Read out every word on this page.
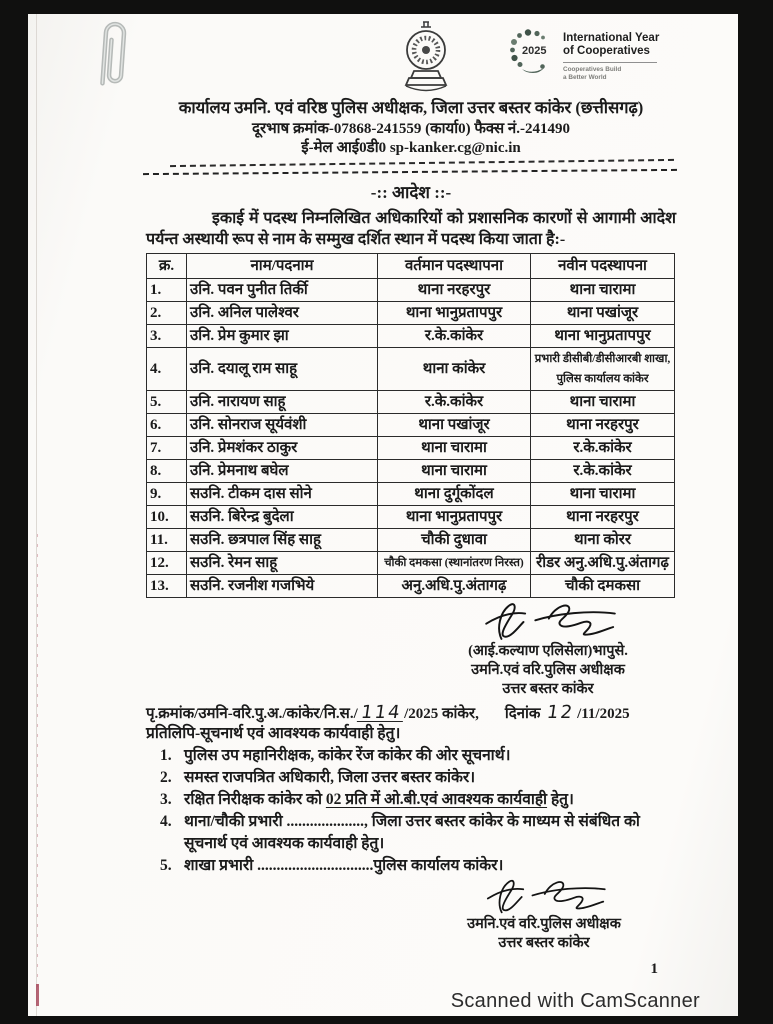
2025
International Year
of Cooperatives
Cooperatives Build
a Better World
कार्यालय उमनि. एवं वरिष्ठ पुलिस अधीक्षक, जिला उत्तर बस्तर कांकेर (छत्तीसगढ़)
दूरभाष क्रमांक-07868-241559 (कार्या0) फैक्स नं.-241490
ई-मेल आई0डी0 sp-kanker.cg@nic.in
-:: आदेश ::-
इकाई में पदस्थ निम्नलिखित अधिकारियों को प्रशासनिक कारणों से आगामी आदेश पर्यन्त अस्थायी रूप से नाम के सम्मुख दर्शित स्थान में पदस्थ किया जाता है:-
क्र.	नाम/पदनाम	वर्तमान पदस्थापना	नवीन पदस्थापना
1.	उनि. पवन पुनीत तिर्की	थाना नरहरपुर	थाना चारामा
2.	उनि. अनिल पालेश्वर	थाना भानुप्रतापपुर	थाना पखांजूर
3.	उनि. प्रेम कुमार झा	र.के.कांकेर	थाना भानुप्रतापपुर
4.	उनि. दयालू राम साहू	थाना कांकेर	प्रभारी डीसीबी/डीसीआरबी शाखा, पुलिस कार्यालय कांकेर
5.	उनि. नारायण साहू	र.के.कांकेर	थाना चारामा
6.	उनि. सोनराज सूर्यवंशी	थाना पखांजूर	थाना नरहरपुर
7.	उनि. प्रेमशंकर ठाकुर	थाना चारामा	र.के.कांकेर
8.	उनि. प्रेमनाथ बघेल	थाना चारामा	र.के.कांकेर
9.	सउनि. टीकम दास सोने	थाना दुर्गूकोंदल	थाना चारामा
10.	सउनि. बिरेन्द्र बुदेला	थाना भानुप्रतापपुर	थाना नरहरपुर
11.	सउनि. छत्रपाल सिंह साहू	चौकी दुधावा	थाना कोरर
12.	सउनि. रेमन साहू	चौकी दमकसा (स्थानांतरण निरस्त)	रीडर अनु.अधि.पु.अंतागढ़
13.	सउनि. रजनीश गजभिये	अनु.अधि.पु.अंतागढ़	चौकी दमकसा
(आई.कल्याण एलिसेला)भापुसे.
उमनि.एवं वरि.पुलिस अधीक्षक
उत्तर बस्तर कांकेर
पृ.क्रमांक/उमनि-वरि.पु.अ./कांकेर/नि.स./114/2025 कांकेर, दिनांक 12/11/2025
प्रतिलिपि-सूचनार्थ एवं आवश्यक कार्यवाही हेतु।
1. पुलिस उप महानिरीक्षक, कांकेर रेंज कांकेर की ओर सूचनार्थ।
2. समस्त राजपत्रित अधिकारी, जिला उत्तर बस्तर कांकेर।
3. रक्षित निरीक्षक कांकेर को 02 प्रति में ओ.बी.एवं आवश्यक कार्यवाही हेतु।
4. थाना/चौकी प्रभारी ...................., जिला उत्तर बस्तर कांकेर के माध्यम से संबंधित को सूचनार्थ एवं आवश्यक कार्यवाही हेतु।
5. शाखा प्रभारी ..............................पुलिस कार्यालय कांकेर।
उमनि.एवं वरि.पुलिस अधीक्षक
उत्तर बस्तर कांकेर
1
Scanned with CamScanner
